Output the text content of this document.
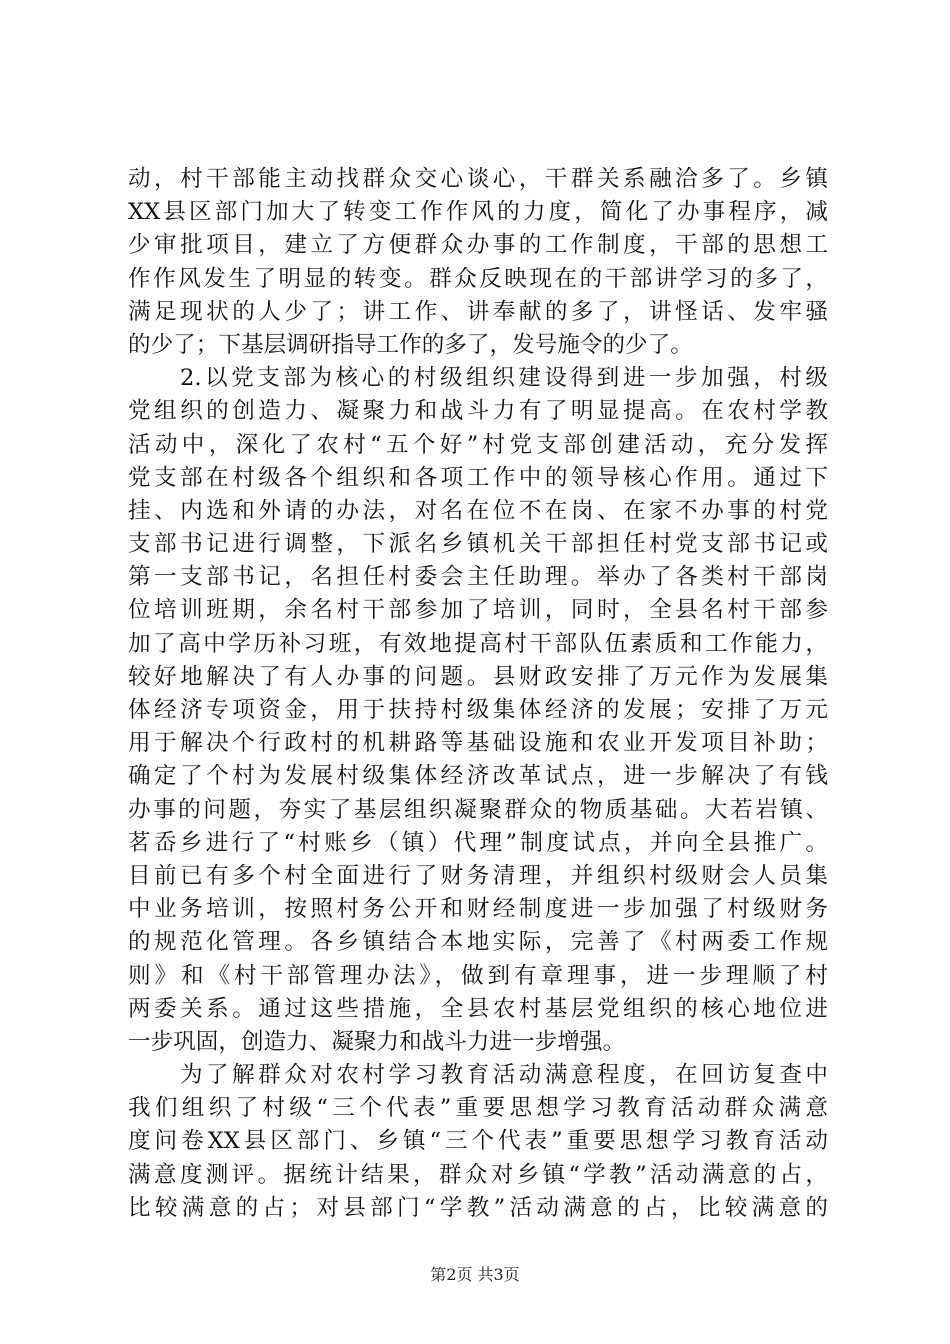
动，村干部能主动找群众交心谈心，干群关系融洽多了。乡镇
XX县区部门加大了转变工作作风的力度，简化了办事程序，减
少审批项目，建立了方便群众办事的工作制度，干部的思想工
作作风发生了明显的转变。群众反映现在的干部讲学习的多了，
满足现状的人少了；讲工作、讲奉献的多了，讲怪话、发牢骚
的少了；下基层调研指导工作的多了，发号施令的少了。
2.以党支部为核心的村级组织建设得到进一步加强，村级
党组织的创造力、凝聚力和战斗力有了明显提高。在农村学教
活动中，深化了农村“五个好”村党支部创建活动，充分发挥
党支部在村级各个组织和各项工作中的领导核心作用。通过下
挂、内选和外请的办法，对名在位不在岗、在家不办事的村党
支部书记进行调整，下派名乡镇机关干部担任村党支部书记或
第一支部书记，名担任村委会主任助理。举办了各类村干部岗
位培训班期，余名村干部参加了培训，同时，全县名村干部参
加了高中学历补习班，有效地提高村干部队伍素质和工作能力，
较好地解决了有人办事的问题。县财政安排了万元作为发展集
体经济专项资金，用于扶持村级集体经济的发展；安排了万元
用于解决个行政村的机耕路等基础设施和农业开发项目补助；
确定了个村为发展村级集体经济改革试点，进一步解决了有钱
办事的问题，夯实了基层组织凝聚群众的物质基础。大若岩镇、
茗岙乡进行了“村账乡（镇）代理”制度试点，并向全县推广。
目前已有多个村全面进行了财务清理，并组织村级财会人员集
中业务培训，按照村务公开和财经制度进一步加强了村级财务
的规范化管理。各乡镇结合本地实际，完善了《村两委工作规
则》和《村干部管理办法》，做到有章理事，进一步理顺了村
两委关系。通过这些措施，全县农村基层党组织的核心地位进
一步巩固，创造力、凝聚力和战斗力进一步增强。
为了解群众对农村学习教育活动满意程度，在回访复查中
我们组织了村级“三个代表”重要思想学习教育活动群众满意
度问卷XX县区部门、乡镇“三个代表”重要思想学习教育活动
满意度测评。据统计结果，群众对乡镇“学教”活动满意的占，
比较满意的占；对县部门“学教”活动满意的占，比较满意的
第2页 共3页
